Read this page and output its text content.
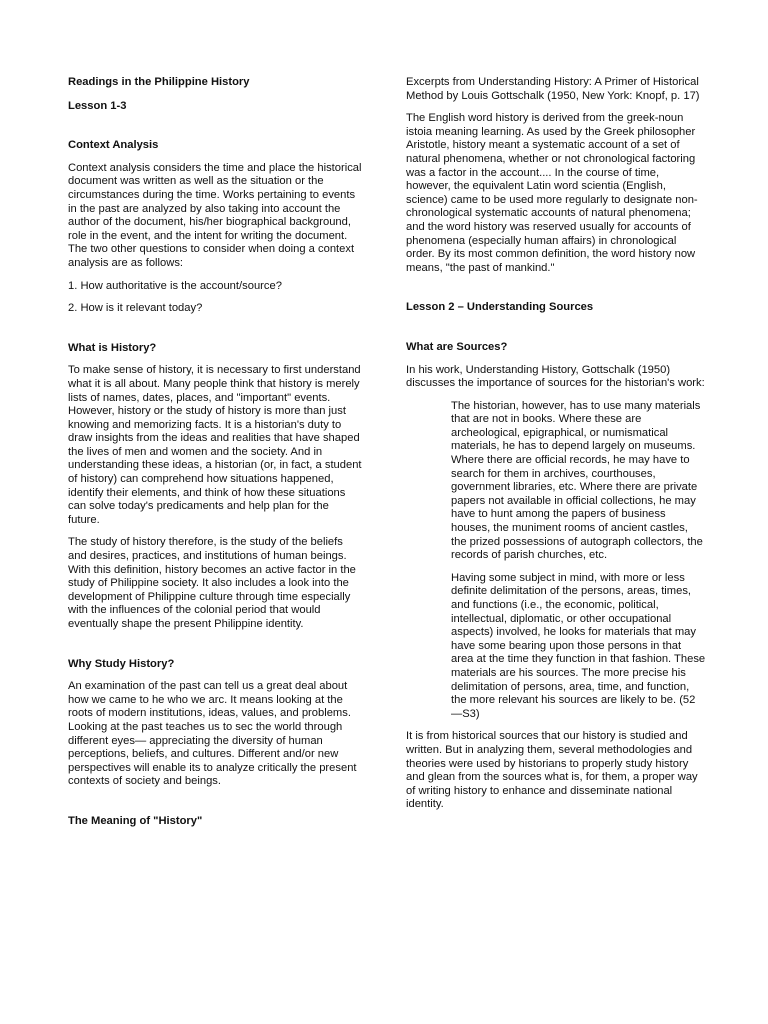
Readings in the Philippine History
Lesson 1-3
Context Analysis

Context analysis considers the time and place the historical document was written as well as the situation or the circumstances during the time. Works pertaining to events in the past are analyzed by also taking into account the author of the document, his/her biographical background, role in the event, and the intent for writing the document. The two other questions to consider when doing a context analysis are as follows:

1. How authoritative is the account/source?

2. How is it relevant today?

What is History?

To make sense of history, it is necessary to first understand what it is all about. Many people think that history is merely lists of names, dates, places, and "important" events. However, history or the study of history is more than just knowing and memorizing facts. It is a historian's duty to draw insights from the ideas and realities that have shaped the lives of men and women and the society. And in understanding these ideas, a historian (or, in fact, a student of history) can comprehend how situations happened, identify their elements, and think of how these situations can solve today's predicaments and help plan for the future.

The study of history therefore, is the study of the beliefs and desires, practices, and institutions of human beings. With this definition, history becomes an active factor in the study of Philippine society. It also includes a look into the development of Philippine culture through time especially with the influences of the colonial period that would eventually shape the present Philippine identity.

Why Study History?

An examination of the past can tell us a great deal about how we came to he who we arc. It means looking at the roots of modern institutions, ideas, values, and problems. Looking at the past teaches us to sec the world through different eyes— appreciating the diversity of human perceptions, beliefs, and cultures. Different and/or new perspectives will enable its to analyze critically the present contexts of society and beings.

The Meaning of "History"

Excerpts from Understanding History: A Primer of Historical Method by Louis Gottschalk (1950, New York: Knopf, p. 17)

The English word history is derived from the greek-noun istoia meaning learning. As used by the Greek philosopher Aristotle, history meant a systematic account of a set of natural phenomena, whether or not chronological factoring was a factor in the account.... In the course of time, however, the equivalent Latin word scientia (English, science) came to be used more regularly to designate non-chronological systematic accounts of natural phenomena; and the word history was reserved usually for accounts of phenomena (especially human affairs) in chronological order. By its most common definition, the word history now means, "the past of mankind."

Lesson 2 – Understanding Sources
What are Sources?

In his work, Understanding History, Gottschalk (1950) discusses the importance of sources for the historian's work:

The historian, however, has to use many materials that are not in books. Where these are archeological, epigraphical, or numismatical materials, he has to depend largely on museums. Where there are official records, he may have to search for them in archives, courthouses, government libraries, etc. Where there are private papers not available in official collections, he may have to hunt among the papers of business houses, the muniment rooms of ancient castles, the prized possessions of autograph collectors, the records of parish churches, etc.

Having some subject in mind, with more or less definite delimitation of the persons, areas, times, and functions (i.e., the economic, political, intellectual, diplomatic, or other occupational aspects) involved, he looks for materials that may have some bearing upon those persons in that area at the time they function in that fashion. These materials are his sources. The more precise his delimitation of persons, area, time, and function, the more relevant his sources are likely to be. (52—S3)

It is from historical sources that our history is studied and written. But in analyzing them, several methodologies and theories were used by historians to properly study history and glean from the sources what is, for them, a proper way of writing history to enhance and disseminate national identity.
